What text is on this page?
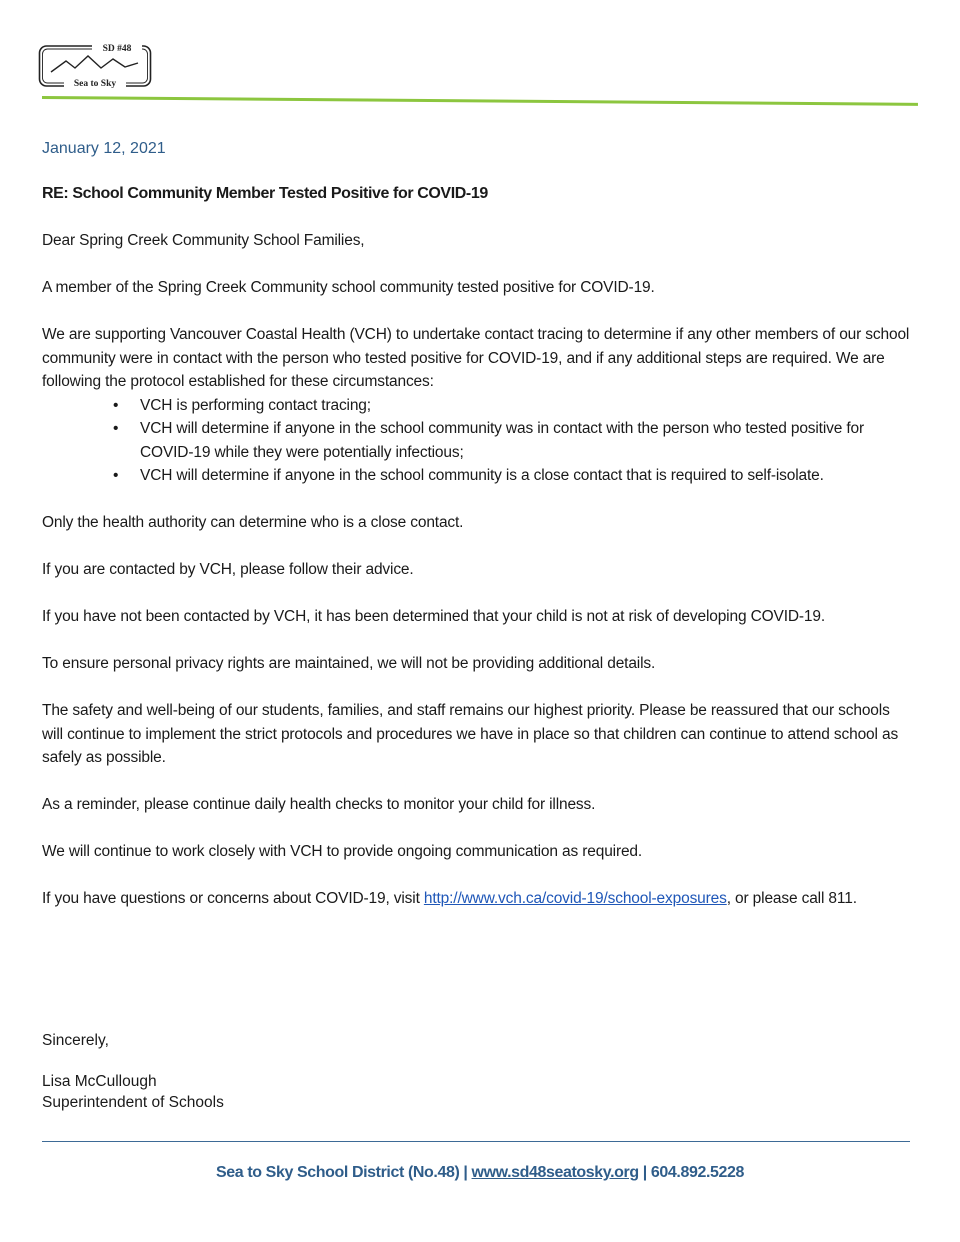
SD #48
Sea to Sky
January 12, 2021
RE: School Community Member Tested Positive for COVID-19

Dear Spring Creek Community School Families,

A member of the Spring Creek Community school community tested positive for COVID-19.

We are supporting Vancouver Coastal Health (VCH) to undertake contact tracing to determine if any other members of our school community were in contact with the person who tested positive for COVID-19, and if any additional steps are required. We are following the protocol established for these circumstances:

• VCH is performing contact tracing;
• VCH will determine if anyone in the school community was in contact with the person who tested positive for COVID-19 while they were potentially infectious;
• VCH will determine if anyone in the school community is a close contact that is required to self-isolate.

Only the health authority can determine who is a close contact.

If you are contacted by VCH, please follow their advice.

If you have not been contacted by VCH, it has been determined that your child is not at risk of developing COVID-19.

To ensure personal privacy rights are maintained, we will not be providing additional details.

The safety and well-being of our students, families, and staff remains our highest priority. Please be reassured that our schools will continue to implement the strict protocols and procedures we have in place so that children can continue to attend school as safely as possible.

As a reminder, please continue daily health checks to monitor your child for illness.

We will continue to work closely with VCH to provide ongoing communication as required.

If you have questions or concerns about COVID-19, visit http://www.vch.ca/covid-19/school-exposures, or please call 811.

Sincerely,
Lisa McCullough
Superintendent of Schools
Sea to Sky School District (No.48) | www.sd48seatosky.org | 604.892.5228
